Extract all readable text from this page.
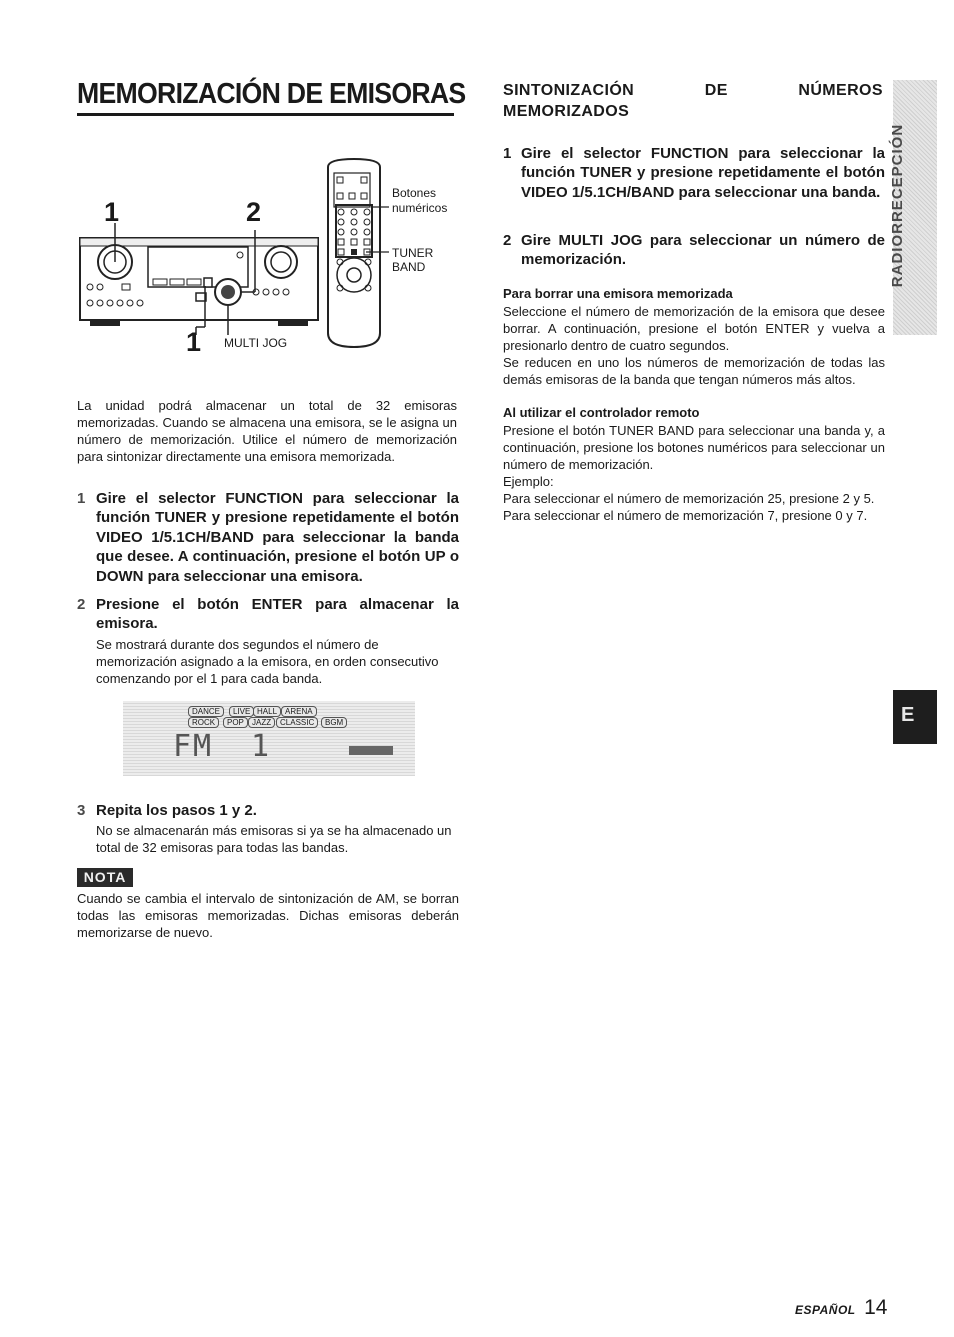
MEMORIZACIÓN DE EMISORAS
1	2
1
Botones
numéricos
TUNER
BAND
MULTI JOG

La unidad podrá almacenar un total de 32 emisoras memorizadas. Cuando se almacena una emisora, se le asigna un número de memorización. Utilice el número de memorización para sintonizar directamente una emisora memorizada.

1 Gire el selector FUNCTION para seleccionar la función TUNER y presione repetidamente el botón VIDEO 1/5.1CH/BAND para seleccionar la banda que desee. A continuación, presione el botón UP o DOWN para seleccionar una emisora.

2 Presione el botón ENTER para almacenar la emisora.

Se mostrará durante dos segundos el número de memorización asignado a la emisora, en orden consecutivo comenzando por el 1 para cada banda.

DANCE	LIVE HALL ARENA
ROCK	POP	JAZZ	CLASSIC	BGM
FM 1
3 Repita los pasos 1 y 2.

No se almacenarán más emisoras si ya se ha almacenado un total de 32 emisoras para todas las bandas.

NOTA

Cuando se cambia el intervalo de sintonización de AM, se borran todas las emisoras memorizadas. Dichas emisoras deberán memorizarse de nuevo.

SINTONIZACIÓN	DE	NÚMEROS
MEMORIZADOS
1 Gire el selector FUNCTION para seleccionar la función TUNER y presione repetidamente el botón VIDEO 1/5.1CH/BAND para seleccionar una banda.

2 Gire MULTI JOG para seleccionar un número de memorización.

Para borrar una emisora memorizada

Seleccione el número de memorización de la emisora que desee borrar. A continuación, presione el botón ENTER y vuelva a presionarlo dentro de cuatro segundos.

Se reducen en uno los números de memorización de todas las demás emisoras de la banda que tengan números más altos.

Al utilizar el controlador remoto

Presione el botón TUNER BAND para seleccionar una banda y, a continuación, presione los botones numéricos para seleccionar un número de memorización.

Ejemplo:

Para seleccionar el número de memorización 25, presione 2 y 5.

Para seleccionar el número de memorización 7, presione 0 y 7.

RADIORRECEPCIÓN
E
ESPAÑOL 14
